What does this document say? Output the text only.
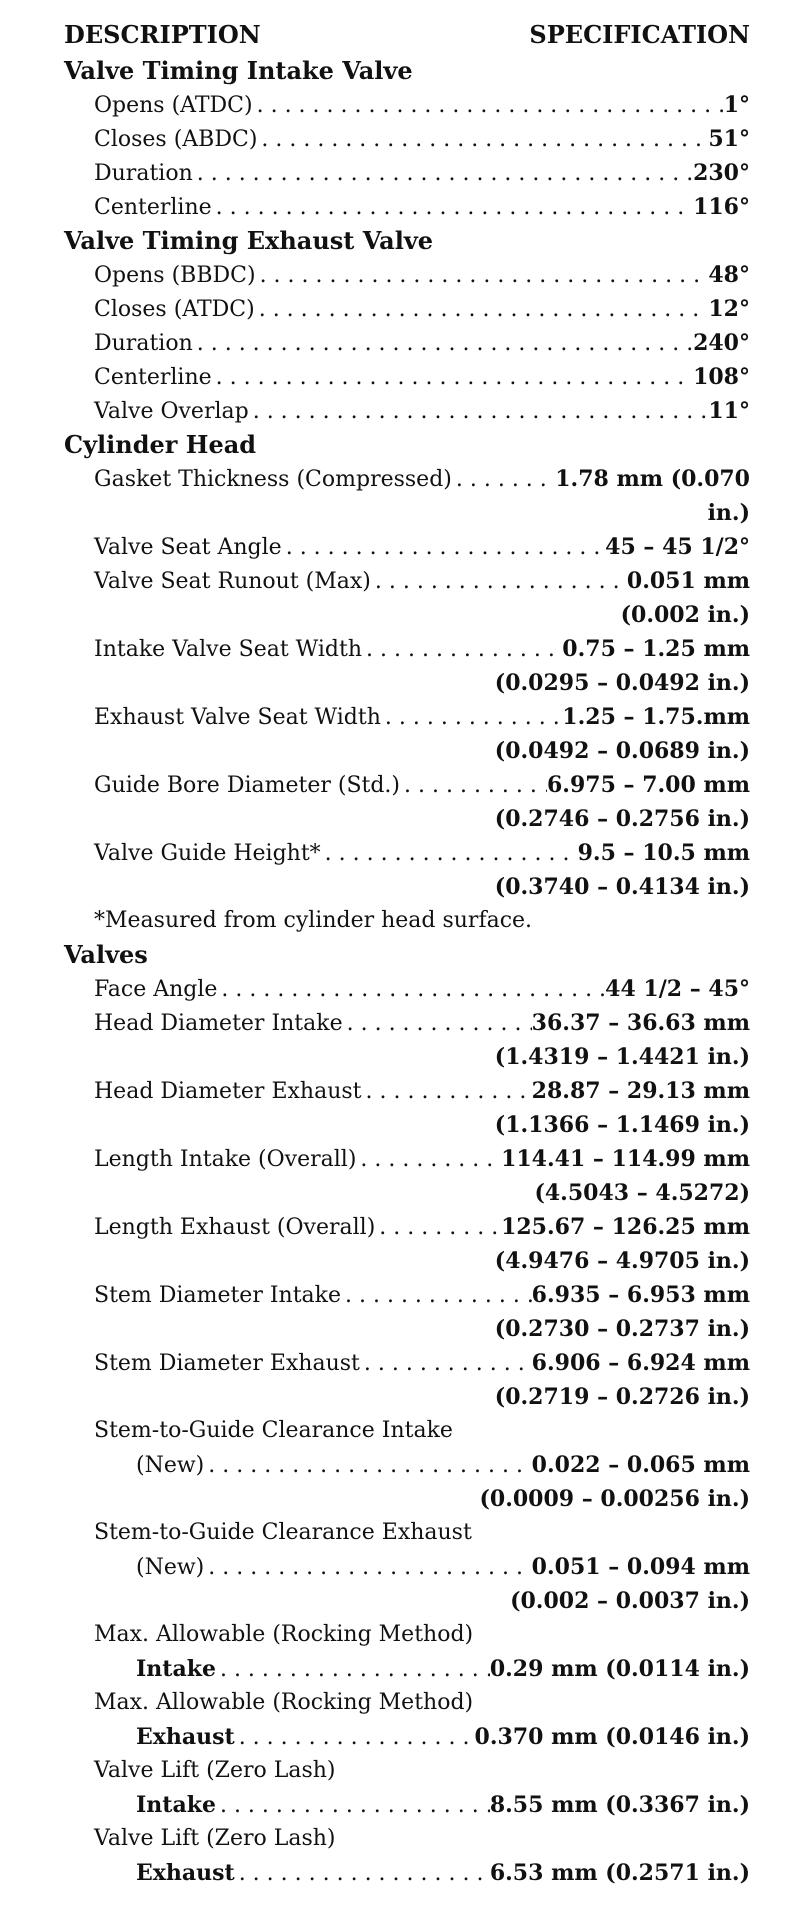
DESCRIPTION	SPECIFICATION
Valve Timing Intake Valve
Opens (ATDC) . . .	1°
Closes (ABDC) . . .	51°
Duration . . .	230°
Centerline . . .	116°
Valve Timing Exhaust Valve
Opens (BBDC) . . .	48°
Closes (ATDC) . . .	12°
Duration . . .	240°
Centerline . . .	108°
Valve Overlap . . .	11°
Cylinder Head
Gasket Thickness (Compressed) . . .	1.78 mm (0.070
in.)
Valve Seat Angle . . .	45 – 45 1/2°
Valve Seat Runout (Max) . . .	0.051 mm
(0.002 in.)
Intake Valve Seat Width . . .	0.75 – 1.25 mm
(0.0295 – 0.0492 in.)
Exhaust Valve Seat Width . . .	1.25 – 1.75.mm
(0.0492 – 0.0689 in.)
Guide Bore Diameter (Std.) . . .	6.975 – 7.00 mm
(0.2746 – 0.2756 in.)
Valve Guide Height* . . .	9.5 – 10.5 mm
(0.3740 – 0.4134 in.)
*Measured from cylinder head surface.
Valves
Face Angle . . .	44 1/2 – 45°
Head Diameter Intake . . .	36.37 – 36.63 mm
(1.4319 – 1.4421 in.)
Head Diameter Exhaust . . .	28.87 – 29.13 mm
(1.1366 – 1.1469 in.)
Length Intake (Overall) . . .	114.41 – 114.99 mm
(4.5043 – 4.5272)
Length Exhaust (Overall) . . .	125.67 – 126.25 mm
(4.9476 – 4.9705 in.)
Stem Diameter Intake . . .	6.935 – 6.953 mm
(0.2730 – 0.2737 in.)
Stem Diameter Exhaust . . .	6.906 – 6.924 mm
(0.2719 – 0.2726 in.)
Stem-to-Guide Clearance Intake
(New) . . .	0.022 – 0.065 mm
(0.0009 – 0.00256 in.)
Stem-to-Guide Clearance Exhaust
(New) . . .	0.051 – 0.094 mm
(0.002 – 0.0037 in.)
Max. Allowable (Rocking Method)
Intake . . .	0.29 mm (0.0114 in.)
Max. Allowable (Rocking Method)
Exhaust . . .	0.370 mm (0.0146 in.)
Valve Lift (Zero Lash)
Intake . . .	8.55 mm (0.3367 in.)
Valve Lift (Zero Lash)
Exhaust . . .	6.53 mm (0.2571 in.)
